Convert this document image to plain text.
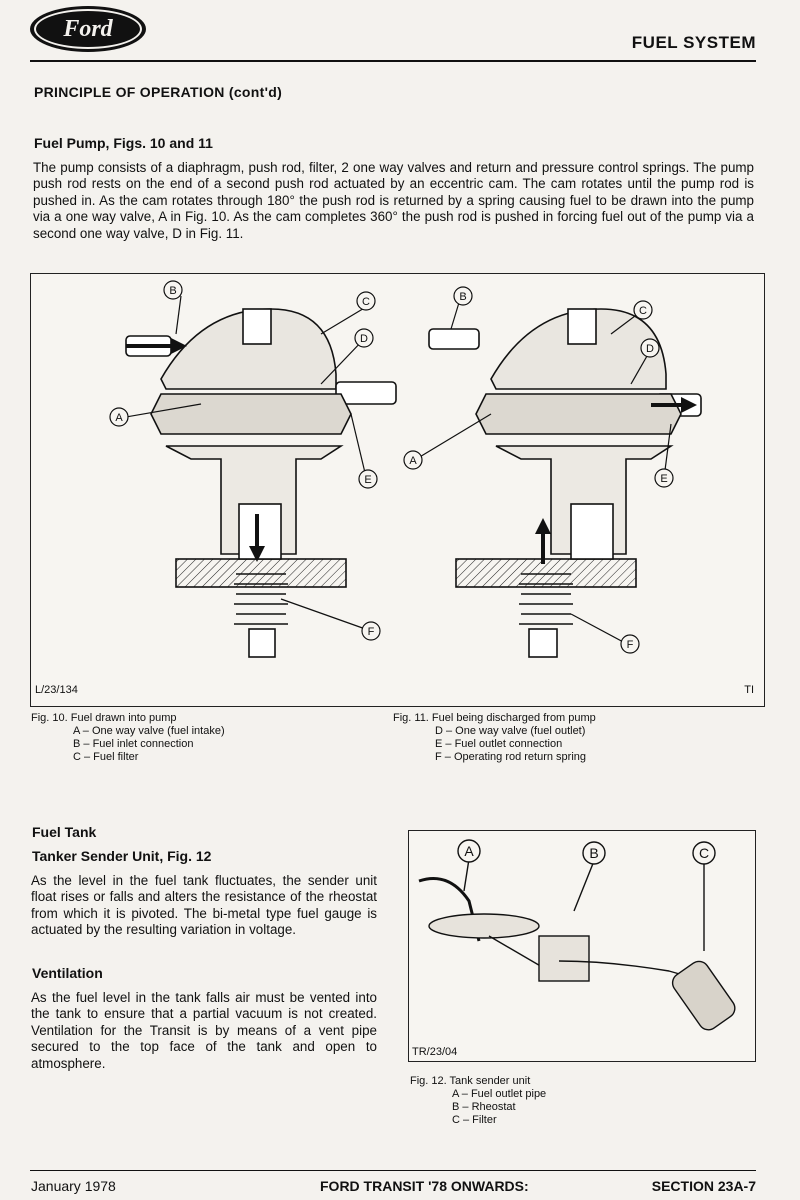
Ford
FUEL SYSTEM
PRINCIPLE OF OPERATION (cont'd)
Fuel Pump, Figs. 10 and 11
The pump consists of a diaphragm, push rod, filter, 2 one way valves and return and pressure control springs. The pump push rod rests on the end of a second push rod actuated by an eccentric cam. The cam rotates until the pump rod is pushed in. As the cam rotates through 180° the push rod is returned by a spring causing fuel to be drawn into the pump via a one way valve, A in Fig. 10. As the cam completes 360° the push rod is pushed in forcing fuel out of the pump via a second one way valve, D in Fig. 11.
B
C
D
A
E
F
B
C
D
A
E
F
L/23/134	TI
Fig. 10. Fuel drawn into pump
A – One way valve (fuel intake)
B – Fuel inlet connection
C – Fuel filter
Fig. 11. Fuel being discharged from pump
D – One way valve (fuel outlet)
E – Fuel outlet connection
F – Operating rod return spring
Fuel Tank
Tanker Sender Unit, Fig. 12
As the level in the fuel tank fluctuates, the sender unit float rises or falls and alters the resistance of the rheostat from which it is pivoted. The bi-metal type fuel gauge is actuated by the resulting variation in voltage.
Ventilation
As the fuel level in the tank falls air must be vented into the tank to ensure that a partial vacuum is not created. Ventilation for the Transit is by means of a vent pipe secured to the top face of the tank and open to atmosphere.
A	B	C
TR/23/04
Fig. 12. Tank sender unit
A – Fuel outlet pipe
B – Rheostat
C – Filter
January 1978	FORD TRANSIT '78 ONWARDS:	SECTION 23A-7
